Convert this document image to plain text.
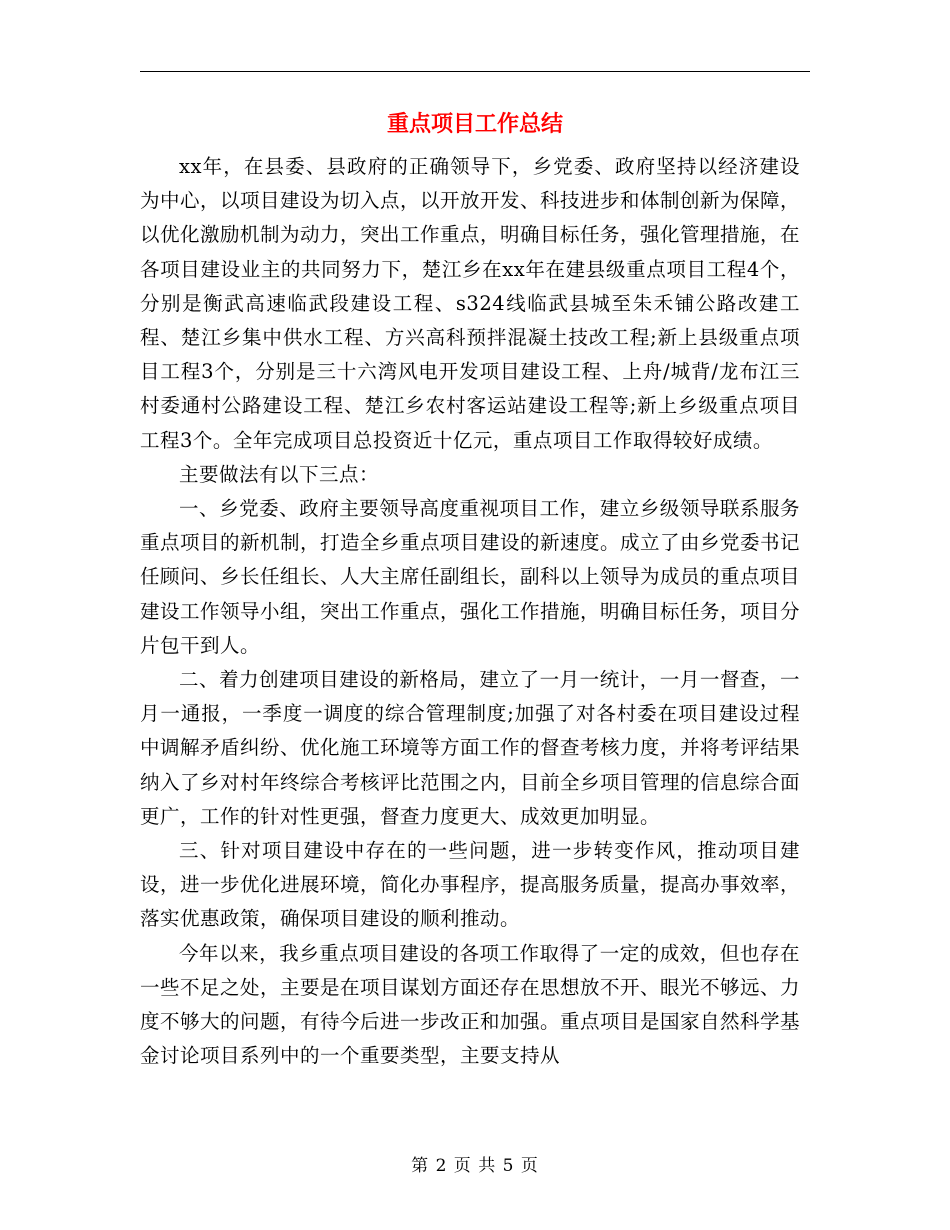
重点项目工作总结

xx年，在县委、县政府的正确领导下，乡党委、政府坚持以经济建设为中心，以项目建设为切入点，以开放开发、科技进步和体制创新为保障，以优化激励机制为动力，突出工作重点，明确目标任务，强化管理措施，在各项目建设业主的共同努力下，楚江乡在xx年在建县级重点项目工程4个，分别是衡武高速临武段建设工程、s324线临武县城至朱禾铺公路改建工程、楚江乡集中供水工程、方兴高科预拌混凝土技改工程;新上县级重点项目工程3个，分别是三十六湾风电开发项目建设工程、上舟/城背/龙布江三村委通村公路建设工程、楚江乡农村客运站建设工程等;新上乡级重点项目工程3个。全年完成项目总投资近十亿元，重点项目工作取得较好成绩。

主要做法有以下三点：

一、乡党委、政府主要领导高度重视项目工作，建立乡级领导联系服务重点项目的新机制，打造全乡重点项目建设的新速度。成立了由乡党委书记任顾问、乡长任组长、人大主席任副组长，副科以上领导为成员的重点项目建设工作领导小组，突出工作重点，强化工作措施，明确目标任务，项目分片包干到人。

二、着力创建项目建设的新格局，建立了一月一统计，一月一督查，一月一通报，一季度一调度的综合管理制度;加强了对各村委在项目建设过程中调解矛盾纠纷、优化施工环境等方面工作的督查考核力度，并将考评结果纳入了乡对村年终综合考核评比范围之内，目前全乡项目管理的信息综合面更广，工作的针对性更强，督查力度更大、成效更加明显。

三、针对项目建设中存在的一些问题，进一步转变作风，推动项目建设，进一步优化进展环境，简化办事程序，提高服务质量，提高办事效率，落实优惠政策，确保项目建设的顺利推动。

今年以来，我乡重点项目建设的各项工作取得了一定的成效，但也存在一些不足之处，主要是在项目谋划方面还存在思想放不开、眼光不够远、力度不够大的问题，有待今后进一步改正和加强。重点项目是国家自然科学基金讨论项目系列中的一个重要类型，主要支持从

第 2 页 共 5 页
